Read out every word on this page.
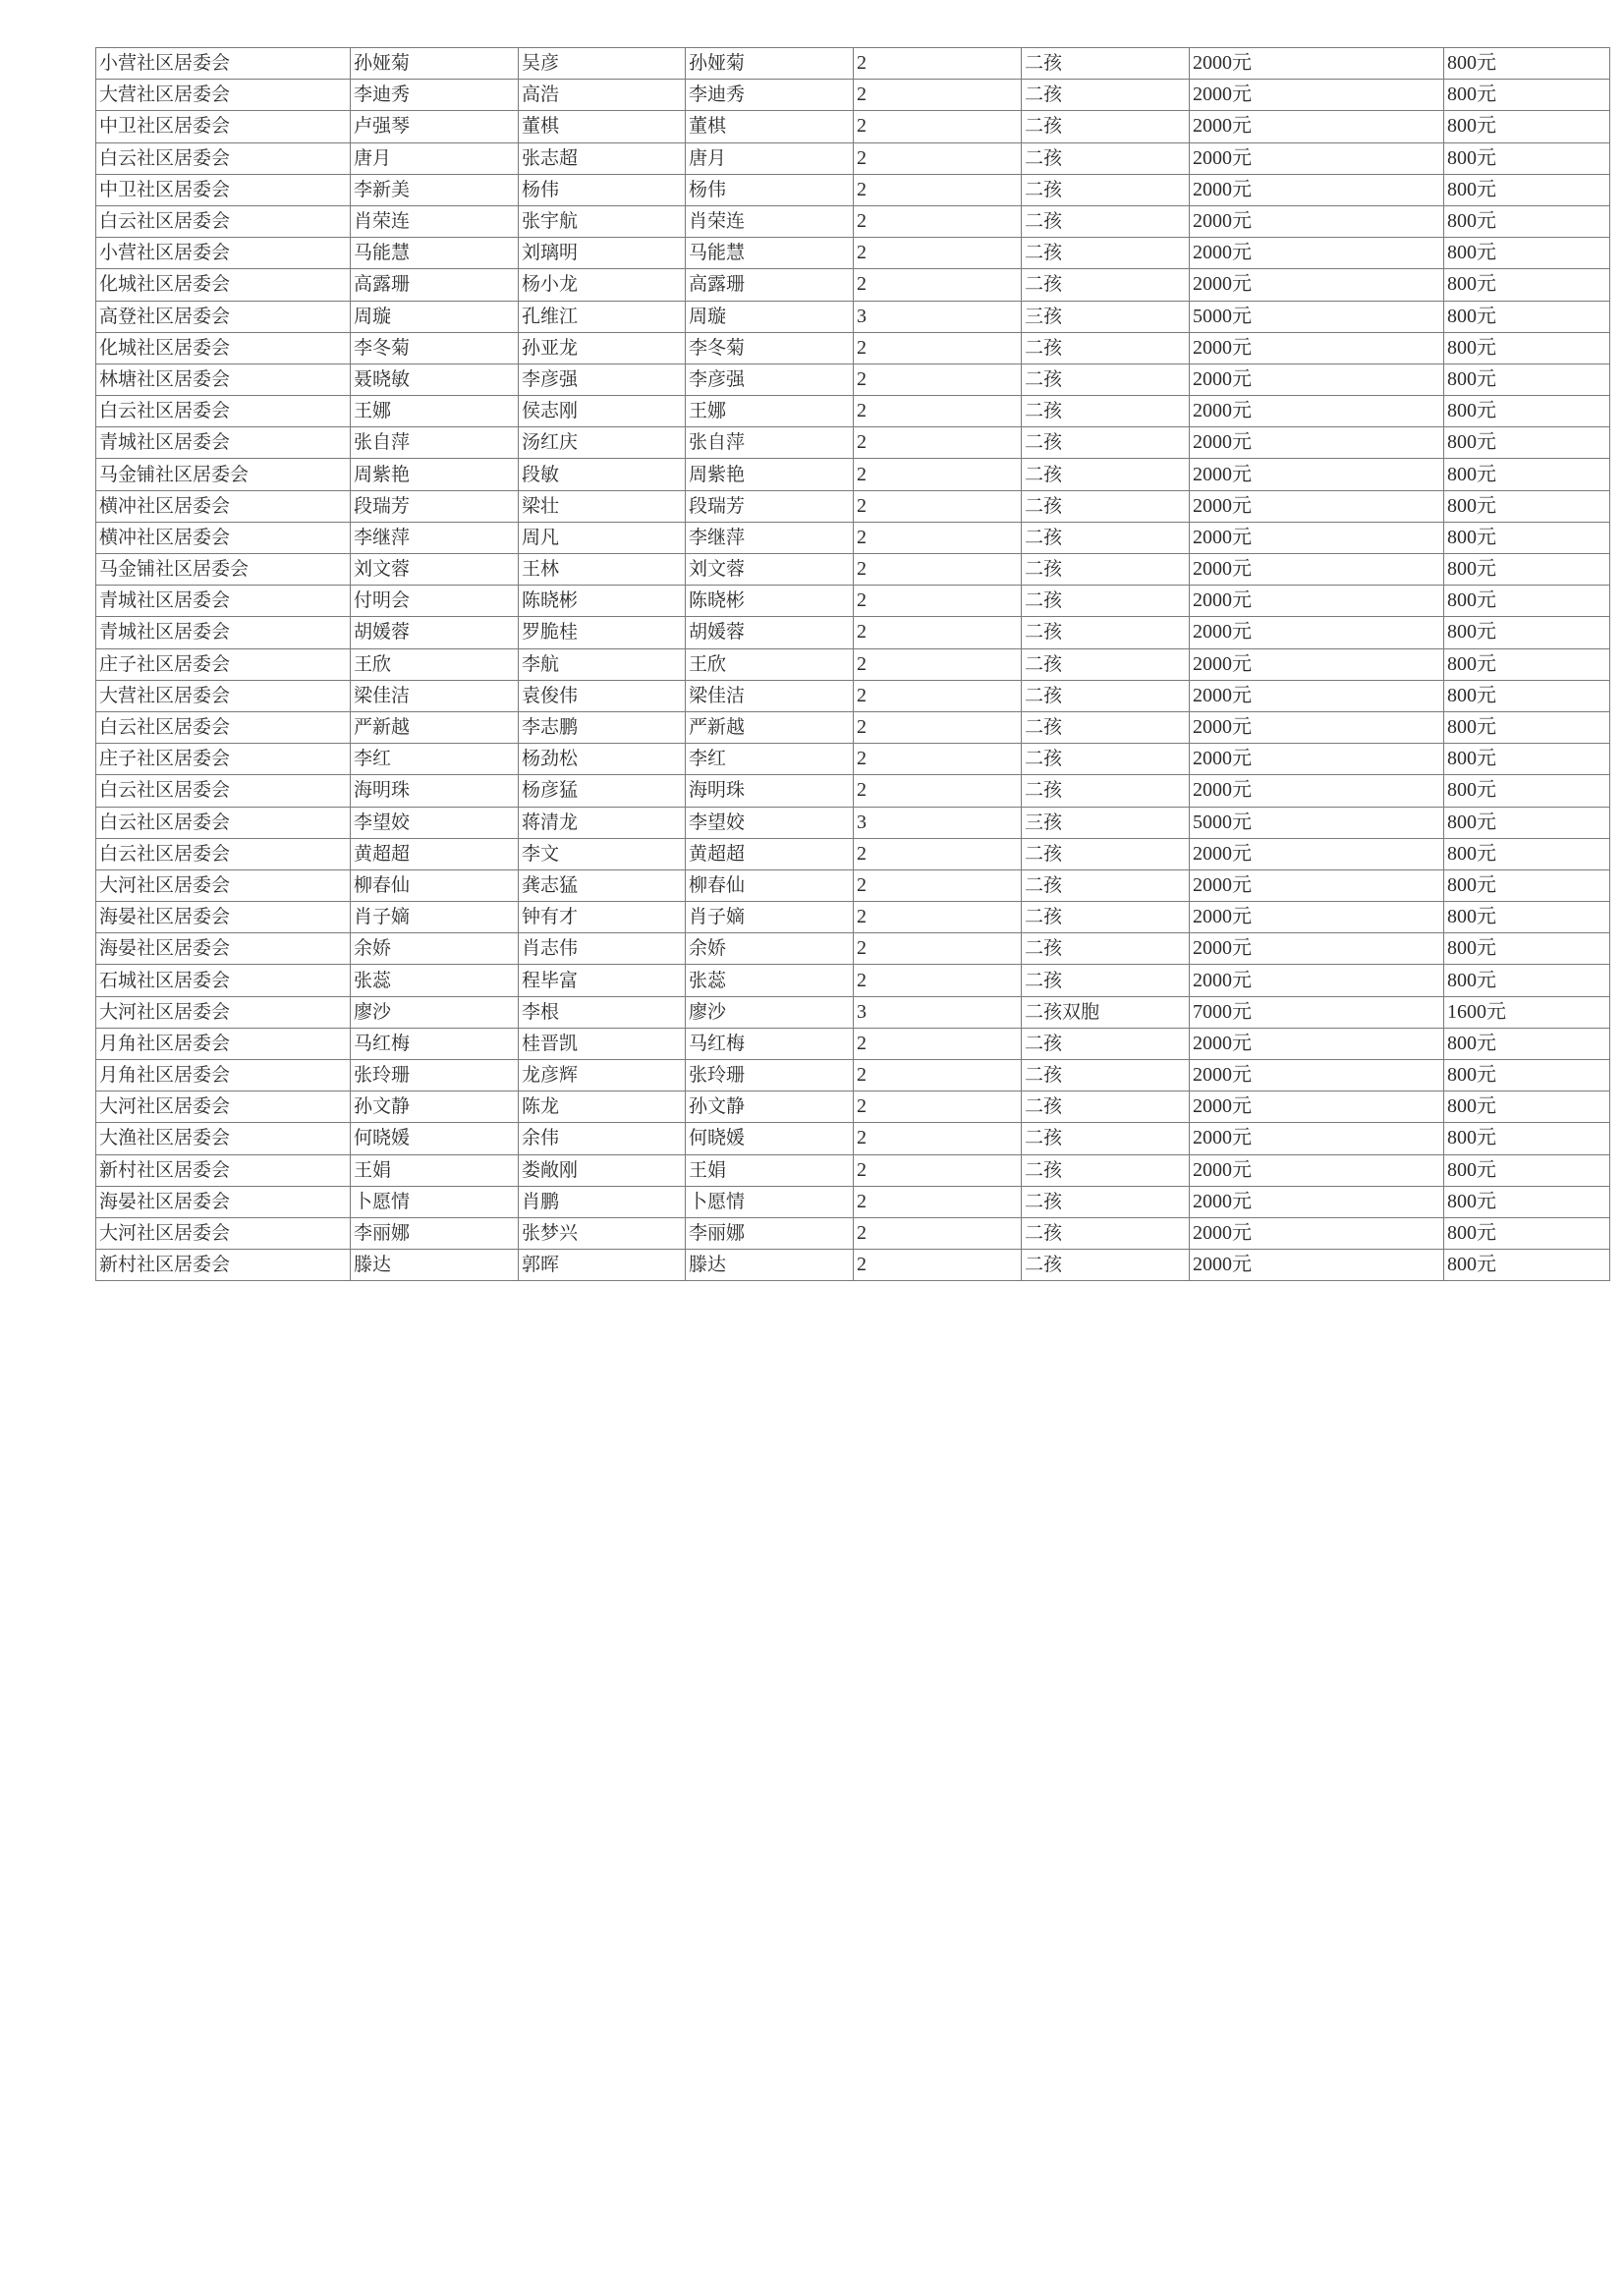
小营社区居委会	孙娅菊	吴彦	孙娅菊	2	二孩	2000元	800元
大营社区居委会	李迪秀	高浩	李迪秀	2	二孩	2000元	800元
中卫社区居委会	卢强琴	董棋	董棋	2	二孩	2000元	800元
白云社区居委会	唐月	张志超	唐月	2	二孩	2000元	800元
中卫社区居委会	李新美	杨伟	杨伟	2	二孩	2000元	800元
白云社区居委会	肖荣连	张宇航	肖荣连	2	二孩	2000元	800元
小营社区居委会	马能慧	刘璃明	马能慧	2	二孩	2000元	800元
化城社区居委会	高露珊	杨小龙	高露珊	2	二孩	2000元	800元
高登社区居委会	周璇	孔维江	周璇	3	三孩	5000元	800元
化城社区居委会	李冬菊	孙亚龙	李冬菊	2	二孩	2000元	800元
林塘社区居委会	聂晓敏	李彦强	李彦强	2	二孩	2000元	800元
白云社区居委会	王娜	侯志刚	王娜	2	二孩	2000元	800元
青城社区居委会	张自萍	汤红庆	张自萍	2	二孩	2000元	800元
马金铺社区居委会	周紫艳	段敏	周紫艳	2	二孩	2000元	800元
横冲社区居委会	段瑞芳	梁壮	段瑞芳	2	二孩	2000元	800元
横冲社区居委会	李继萍	周凡	李继萍	2	二孩	2000元	800元
马金铺社区居委会	刘文蓉	王林	刘文蓉	2	二孩	2000元	800元
青城社区居委会	付明会	陈晓彬	陈晓彬	2	二孩	2000元	800元
青城社区居委会	胡媛蓉	罗脆桂	胡媛蓉	2	二孩	2000元	800元
庄子社区居委会	王欣	李航	王欣	2	二孩	2000元	800元
大营社区居委会	梁佳洁	袁俊伟	梁佳洁	2	二孩	2000元	800元
白云社区居委会	严新越	李志鹏	严新越	2	二孩	2000元	800元
庄子社区居委会	李红	杨劲松	李红	2	二孩	2000元	800元
白云社区居委会	海明珠	杨彦猛	海明珠	2	二孩	2000元	800元
白云社区居委会	李望姣	蒋清龙	李望姣	3	三孩	5000元	800元
白云社区居委会	黄超超	李文	黄超超	2	二孩	2000元	800元
大河社区居委会	柳春仙	龚志猛	柳春仙	2	二孩	2000元	800元
海晏社区居委会	肖子嫡	钟有才	肖子嫡	2	二孩	2000元	800元
海晏社区居委会	余娇	肖志伟	余娇	2	二孩	2000元	800元
石城社区居委会	张蕊	程毕富	张蕊	2	二孩	2000元	800元
大河社区居委会	廖沙	李根	廖沙	3	二孩双胞	7000元	1600元
月角社区居委会	马红梅	桂晋凯	马红梅	2	二孩	2000元	800元
月角社区居委会	张玲珊	龙彦辉	张玲珊	2	二孩	2000元	800元
大河社区居委会	孙文静	陈龙	孙文静	2	二孩	2000元	800元
大渔社区居委会	何晓媛	余伟	何晓媛	2	二孩	2000元	800元
新村社区居委会	王娟	娄敞刚	王娟	2	二孩	2000元	800元
海晏社区居委会	卜愿情	肖鹏	卜愿情	2	二孩	2000元	800元
大河社区居委会	李丽娜	张梦兴	李丽娜	2	二孩	2000元	800元
新村社区居委会	滕达	郭晖	滕达	2	二孩	2000元	800元
